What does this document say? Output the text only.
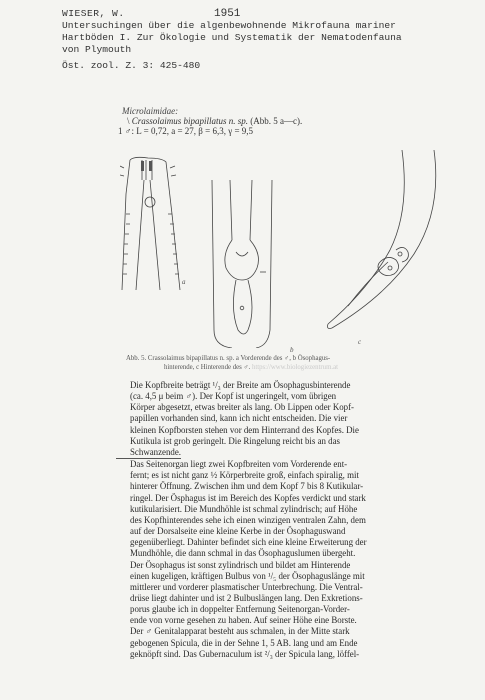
WIESER, W.	1951
Untersuchingen über die algenbewohnende Mikrofauna mariner
Hartböden I. Zur Ökologie und Systematik der Nematodenfauna
von Plymouth
Öst. zool. Z. 3: 425-480
Microlaimidae:
\ Crassolaimus bipapillatus n. sp. (Abb. 5 a—c).
1 ♂: L = 0,72, a = 27, β = 6,3, γ = 9,5
a
b
c
Abb. 5. Crassolaimus bipapillatus n. sp. a Vorderende des ♂, b Ösophagus-
hinterende, c Hinterende des ♂. https://www.biologiezentrum.at

Die Kopfbreite beträgt ¹/₃ der Breite am Ösophagusbinterende
(ca. 4,5 μ beim ♂). Der Kopf ist ungeringelt, vom übrigen
Körper abgesetzt, etwas breiter als lang. Ob Lippen oder Kopf-
papillen vorhanden sind, kann ich nicht entscheiden. Die vier
kleinen Kopfborsten stehen vor dem Hinterrand des Kopfes. Die
Kutikula ist grob geringelt. Die Ringelung reicht bis an das
Schwanzende.

Das Seitenorgan liegt zwei Kopfbreiten vom Vorderende ent-
fernt; es ist nicht ganz ½ Körperbreite groß, einfach spiralig, mit
hinterer Öffnung. Zwischen ihm und dem Kopf 7 bis 8 Kutikular-
ringel. Der Ösphagus ist im Bereich des Kopfes verdickt und stark
kutikularisiert. Die Mundhöhle ist schmal zylindrisch; auf Höhe
des Kopfhinterendes sehe ich einen winzigen ventralen Zahn, dem
auf der Dorsalseite eine kleine Kerbe in der Ösophaguswand
gegenüberliegt. Dahinter befindet sich eine kleine Erweiterung der
Mundhöhle, die dann schmal in das Ösophaguslumen übergeht.
Der Ösophagus ist sonst zylindrisch und bildet am Hinterende
einen kugeligen, kräftigen Bulbus von ¹/₅ der Ösophaguslänge mit
mittlerer und vorderer plasmatischer Unterbrechung. Die Ventral-
drüse liegt dahinter und ist 2 Bulbuslängen lang. Den Exkretions-
porus glaube ich in doppelter Entfernung Seitenorgan-Vorder-
ende von vorne gesehen zu haben. Auf seiner Höhe eine Borste.

Der ♂ Genitalapparat besteht aus schmalen, in der Mitte stark
gebogenen Spicula, die in der Sehne 1, 5 AB. lang und am Ende
geknöpft sind. Das Gubernaculum ist ²/₃ der Spicula lang, löffel-
